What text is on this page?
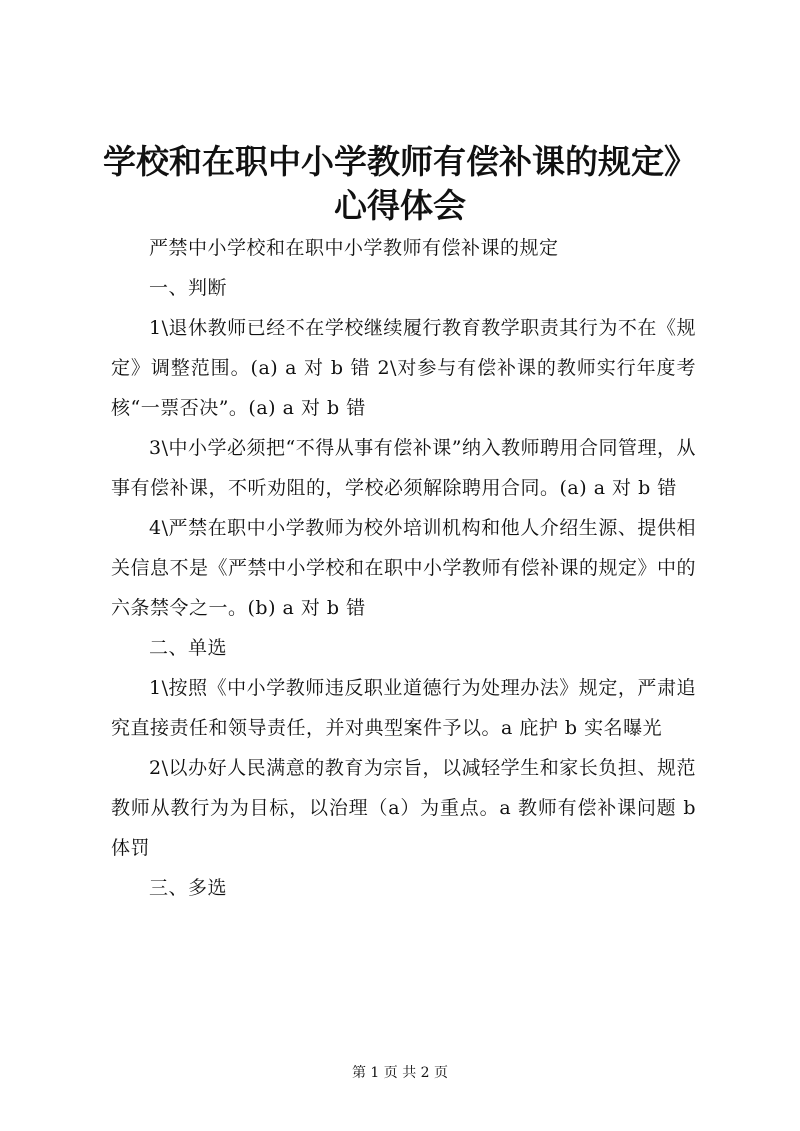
学校和在职中小学教师有偿补课的规定》心得体会

严禁中小学校和在职中小学教师有偿补课的规定

一、判断

1\退休教师已经不在学校继续履行教育教学职责其行为不在《规定》调整范围。(a) a 对 b 错 2\对参与有偿补课的教师实行年度考核“一票否决”。(a) a 对 b 错

3\中小学必须把“不得从事有偿补课”纳入教师聘用合同管理，从事有偿补课，不听劝阻的，学校必须解除聘用合同。(a) a 对 b 错

4\严禁在职中小学教师为校外培训机构和他人介绍生源、提供相关信息不是《严禁中小学校和在职中小学教师有偿补课的规定》中的六条禁令之一。(b) a 对 b 错

二、单选

1\按照《中小学教师违反职业道德行为处理办法》规定，严肃追究直接责任和领导责任，并对典型案件予以。a 庇护 b 实名曝光

2\以办好人民满意的教育为宗旨，以减轻学生和家长负担、规范教师从教行为为目标，以治理（a）为重点。a 教师有偿补课问题 b 体罚

三、多选

第 1 页 共 2 页
